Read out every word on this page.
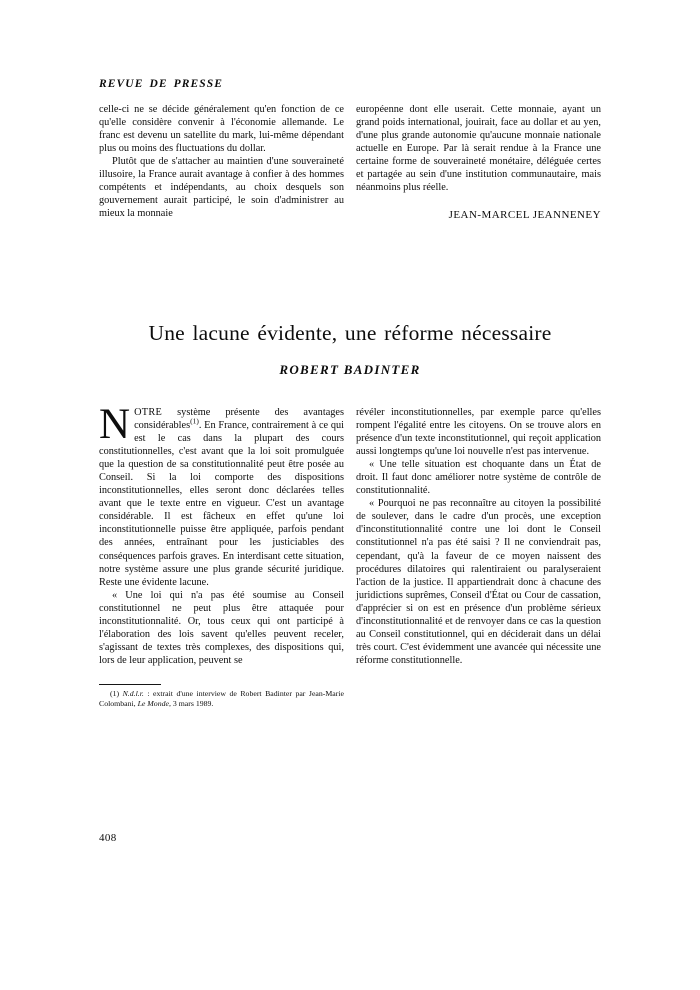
REVUE DE PRESSE

celle-ci ne se décide généralement qu'en fonction de ce qu'elle considère convenir à l'économie allemande. Le franc est devenu un satellite du mark, lui-même dépendant plus ou moins des fluctuations du dollar.

Plutôt que de s'attacher au maintien d'une souveraineté illusoire, la France aurait avantage à confier à des hommes compétents et indépendants, au choix desquels son gouvernement aurait participé, le soin d'administrer au mieux la monnaie

européenne dont elle userait. Cette monnaie, ayant un grand poids international, jouirait, face au dollar et au yen, d'une plus grande autonomie qu'aucune monnaie nationale actuelle en Europe. Par là serait rendue à la France une certaine forme de souveraineté monétaire, déléguée certes et partagée au sein d'une institution communautaire, mais néanmoins plus réelle.

JEAN-MARCEL JEANNENEY
Une lacune évidente, une réforme nécessaire
ROBERT BADINTER

NOTRE système présente des avantages considérables$^{(1)}$. En France, contrairement à ce qui est le cas dans la plupart des cours constitutionnelles, c'est avant que la loi soit promulguée que la question de sa constitutionnalité peut être posée au Conseil. Si la loi comporte des dispositions inconstitutionnelles, elles seront donc déclarées telles avant que le texte entre en vigueur. C'est un avantage considérable. Il est fâcheux en effet qu'une loi inconstitutionnelle puisse être appliquée, parfois pendant des années, entraînant pour les justiciables des conséquences parfois graves. En interdisant cette situation, notre système assure une plus grande sécurité juridique. Reste une évidente lacune.

« Une loi qui n'a pas été soumise au Conseil constitutionnel ne peut plus être attaquée pour inconstitutionnalité. Or, tous ceux qui ont participé à l'élaboration des lois savent qu'elles peuvent receler, s'agissant de textes très complexes, des dispositions qui, lors de leur application, peuvent se

(1) N.d.l.r. : extrait d'une interview de Robert Badinter par Jean-Marie Colombani, Le Monde, 3 mars 1989.

révéler inconstitutionnelles, par exemple parce qu'elles rompent l'égalité entre les citoyens. On se trouve alors en présence d'un texte inconstitutionnel, qui reçoit application aussi longtemps qu'une loi nouvelle n'est pas intervenue.

« Une telle situation est choquante dans un État de droit. Il faut donc améliorer notre système de contrôle de constitutionnalité.

« Pourquoi ne pas reconnaître au citoyen la possibilité de soulever, dans le cadre d'un procès, une exception d'inconstitutionnalité contre une loi dont le Conseil constitutionnel n'a pas été saisi ? Il ne conviendrait pas, cependant, qu'à la faveur de ce moyen naissent des procédures dilatoires qui ralentiraient ou paralyseraient l'action de la justice. Il appartiendrait donc à chacune des juridictions suprêmes, Conseil d'État ou Cour de cassation, d'apprécier si on est en présence d'un problème sérieux d'inconstitutionnalité et de renvoyer dans ce cas la question au Conseil constitutionnel, qui en déciderait dans un délai très court. C'est évidemment une avancée qui nécessite une réforme constitutionnelle.

408
